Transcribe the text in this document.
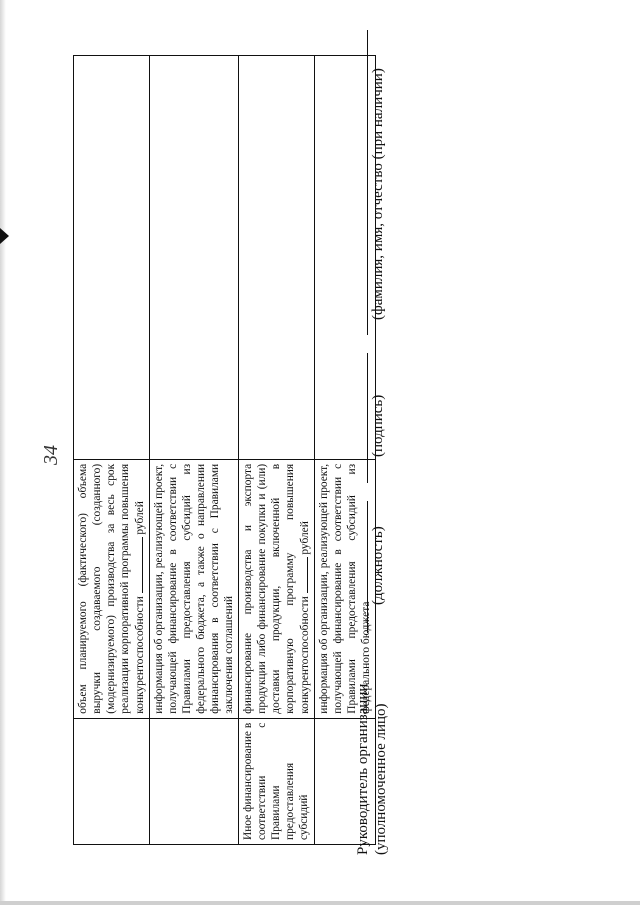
34
	объем планируемого (фактического) объема выручки создаваемого (созданного) (модернизируемого) производства за весь срок реализации корпоративной программы повышения конкурентоспособности  рублей	
	информация об организации, реализующей проект, получающей финансирование в соответствии с Правилами предоставления субсидий из федерального бюджета, а также о направлении финансирования в соответствии с Правилами заключения соглашений	
Иное финансирование в соответствии с Правилами предоставления субсидий	финансирование производства и экспорта продукции либо финансирование покупки и (или) доставки продукции, включенной в корпоративную программу повышения конкурентоспособности  рублей	
	информация об организации, реализующей проект, получающей финансирование в соответствии с Правилами предоставления субсидий из федерального бюджета	
Руководитель организации (уполномоченное лицо)
(должность)
(подпись)
(фамилия, имя, отчество (при наличии)
